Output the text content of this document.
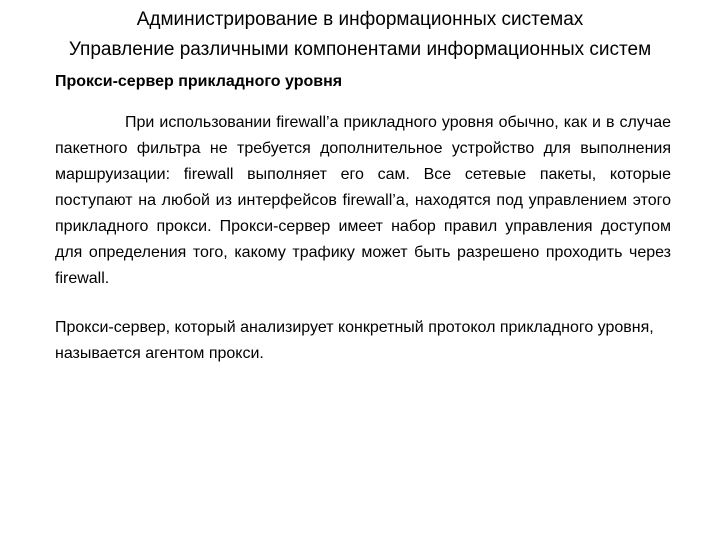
Администрирование в информационных системах
Управление различными компонентами информационных систем
Прокси-сервер прикладного уровня

При использовании firewall’a прикладного уровня обычно, как и в случае пакетного фильтра не требуется дополнительное устройство для выполнения маршруизации: firewall выполняет его сам. Все сетевые пакеты, которые поступают на любой из интерфейсов firewall’a, находятся под управлением этого прикладного прокси. Прокси-сервер имеет набор правил управления доступом для определения того, какому трафику может быть разрешено проходить через firewall.

Прокси-сервер, который анализирует конкретный протокол прикладного уровня, называется агентом прокси.
